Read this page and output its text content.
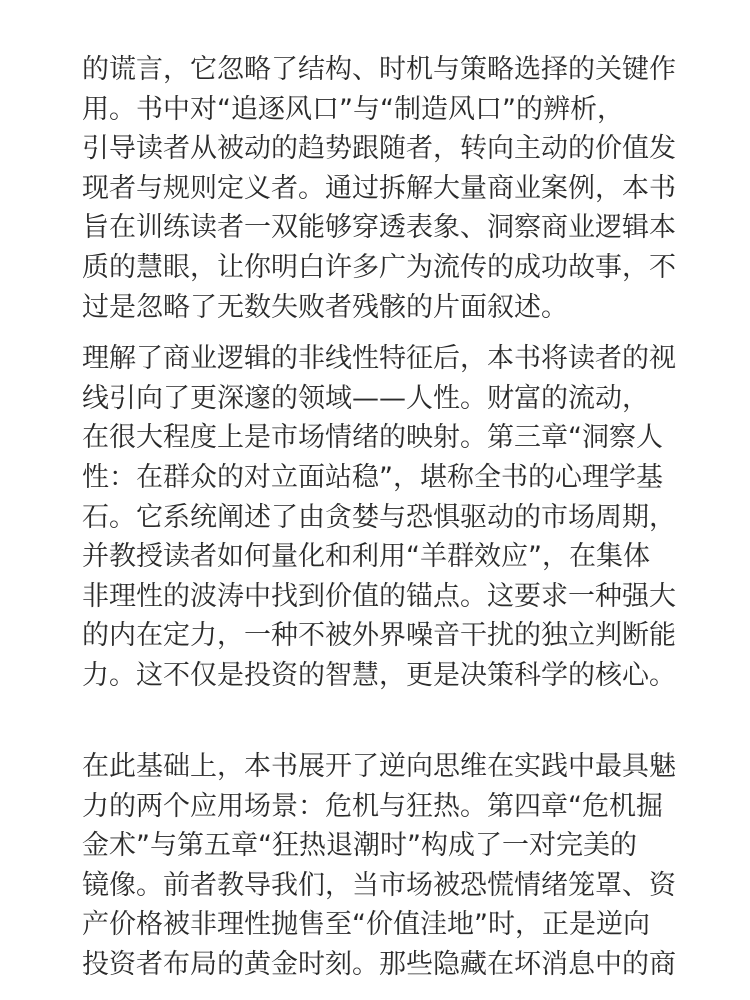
的谎言，它忽略了结构、时机与策略选择的关键作
用。书中对“追逐风口”与“制造风口”的辨析，
引导读者从被动的趋势跟随者，转向主动的价值发
现者与规则定义者。通过拆解大量商业案例，本书
旨在训练读者一双能够穿透表象、洞察商业逻辑本
质的慧眼，让你明白许多广为流传的成功故事，不
过是忽略了无数失败者残骸的片面叙述。
理解了商业逻辑的非线性特征后，本书将读者的视
线引向了更深邃的领域——人性。财富的流动，
在很大程度上是市场情绪的映射。第三章“洞察人
性：在群众的对立面站稳”，堪称全书的心理学基
石。它系统阐述了由贪婪与恐惧驱动的市场周期，
并教授读者如何量化和利用“羊群效应”，在集体
非理性的波涛中找到价值的锚点。这要求一种强大
的内在定力，一种不被外界噪音干扰的独立判断能
力。这不仅是投资的智慧，更是决策科学的核心。
在此基础上，本书展开了逆向思维在实践中最具魅
力的两个应用场景：危机与狂热。第四章“危机掘
金术”与第五章“狂热退潮时”构成了一对完美的
镜像。前者教导我们，当市场被恐慌情绪笼罩、资
产价格被非理性抛售至“价值洼地”时，正是逆向
投资者布局的黄金时刻。那些隐藏在坏消息中的商
